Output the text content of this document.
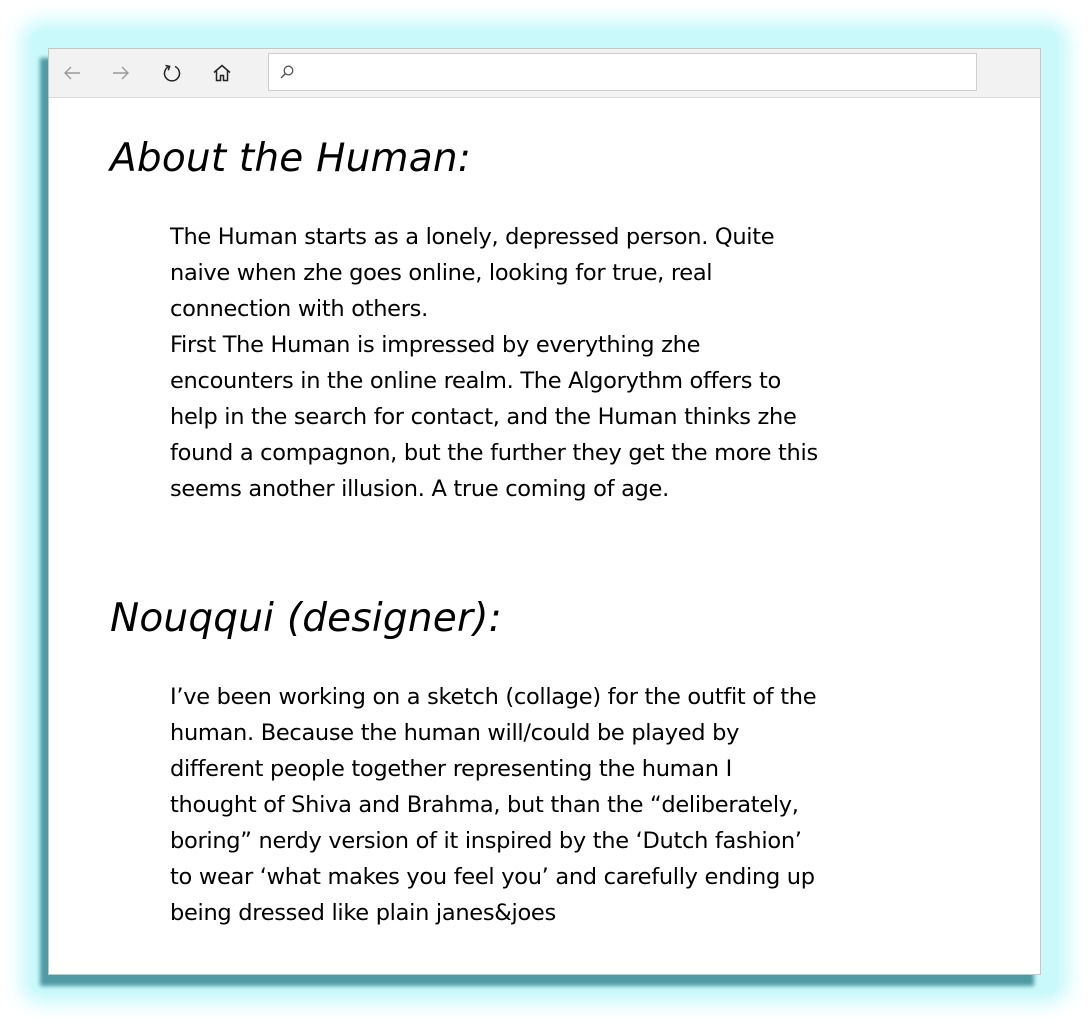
About the Human:

The Human starts as a lonely, depressed person. Quite
naive when zhe goes online, looking for true, real
connection with others.
First The Human is impressed by everything zhe
encounters in the online realm. The Algorythm offers to
help in the search for contact, and the Human thinks zhe
found a compagnon, but the further they get the more this
seems another illusion. A true coming of age.

Nouqqui (designer):

I’ve been working on a sketch (collage) for the outfit of the
human. Because the human will/could be played by
different people together representing the human I
thought of Shiva and Brahma, but than the “deliberately,
boring” nerdy version of it inspired by the ‘Dutch fashion’
to wear ‘what makes you feel you’ and carefully ending up
being dressed like plain janes&joes
